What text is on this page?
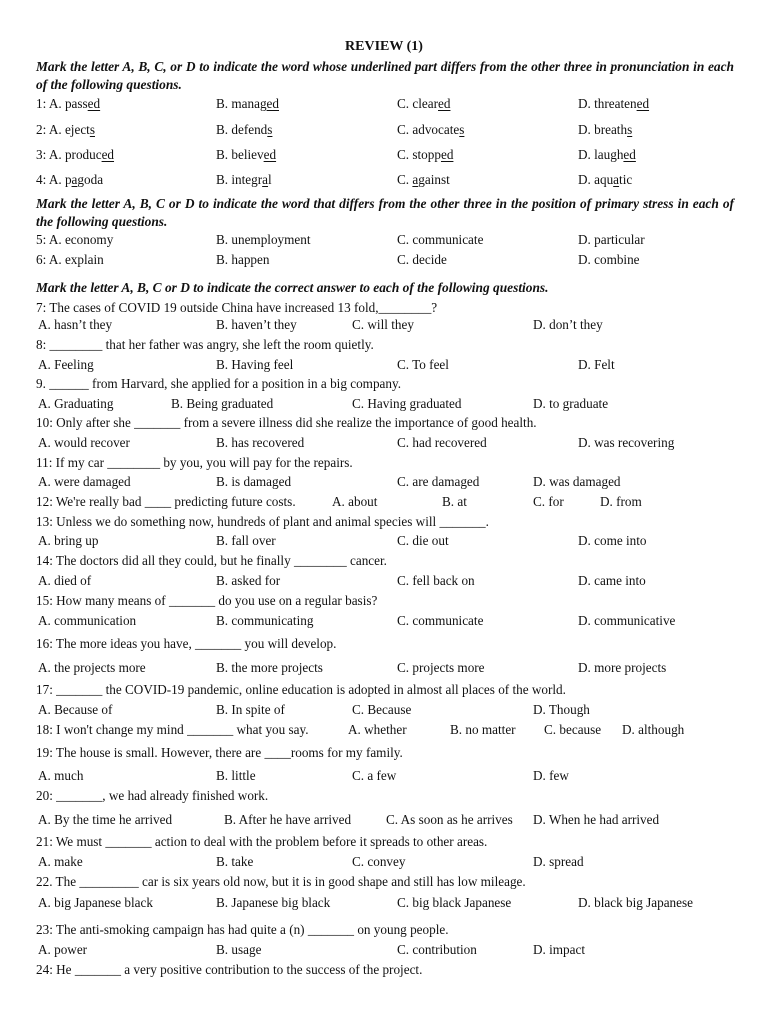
REVIEW (1)
Mark the letter A, B, C, or D to indicate the word whose underlined part differs from the other three in pronunciation in each of the following questions.
1: A. passed	B. managed	C. cleared	D. threatened
2: A. ejects	B. defends	C. advocates	D. breaths
3: A. produced	B. believed	C. stopped	D. laughed
4: A. pagoda	B. integral	C. against	D. aquatic
Mark the letter A, B, C or D to indicate the word that differs from the other three in the position of primary stress in each of the following questions.
5: A. economy	B. unemployment	C. communicate	D. particular
6: A. explain	B. happen	C. decide	D. combine
Mark the letter A, B, C or D to indicate the correct answer to each of the following questions.
7: The cases of COVID 19 outside China have increased 13 fold,________?
A. hasn’t they	B. haven’t they	C. will they	D. don’t they
8: ________ that her father was angry, she left the room quietly.
A. Feeling	B. Having feel	C. To feel	D. Felt
9. ______ from Harvard, she applied for a position in a big company.
A. Graduating	B. Being graduated	C. Having graduated	D. to graduate
10: Only after she _______ from a severe illness did she realize the importance of good health.
A. would recover	B. has recovered	C. had recovered	D. was recovering
11: If my car ________ by you, you will pay for the repairs.
A. were damaged	B. is damaged	C. are damaged	D. was damaged
12: We're really bad ____ predicting future costs.	A. about	B. at	C. for	D. from
13: Unless we do something now, hundreds of plant and animal species will _______.
A. bring up	B. fall over	C. die out	D. come into
14: The doctors did all they could, but he finally ________ cancer.
A. died of	B. asked for	C. fell back on	D. came into
15: How many means of _______ do you use on a regular basis?
A. communication	B. communicating	C. communicate	D. communicative
16: The more ideas you have, _______ you will develop.
A. the projects more	B. the more projects	C. projects more	D. more projects
17: _______ the COVID-19 pandemic, online education is adopted in almost all places of the world.
A. Because of	B. In spite of	C. Because	D. Though
18: I won't change my mind _______ what you say.	A. whether	B. no matter C. because D. although
19: The house is small. However, there are ____rooms for my family.
A. much	B. little	C. a few	D. few
20: _______, we had already finished work.
A. By the time he arrived	B. After he have arrived	C. As soon as he arrives D. When he had arrived
21: We must _______ action to deal with the problem before it spreads to other areas.
A. make	B. take	C. convey	D. spread
22. The _________ car is six years old now, but it is in good shape and still has low mileage.
A. big Japanese black	B. Japanese big black	C. big black Japanese	D. black big Japanese
23: The anti-smoking campaign has had quite a (n) _______ on young people.
A. power	B. usage	C. contribution	D. impact
24: He _______ a very positive contribution to the success of the project.
